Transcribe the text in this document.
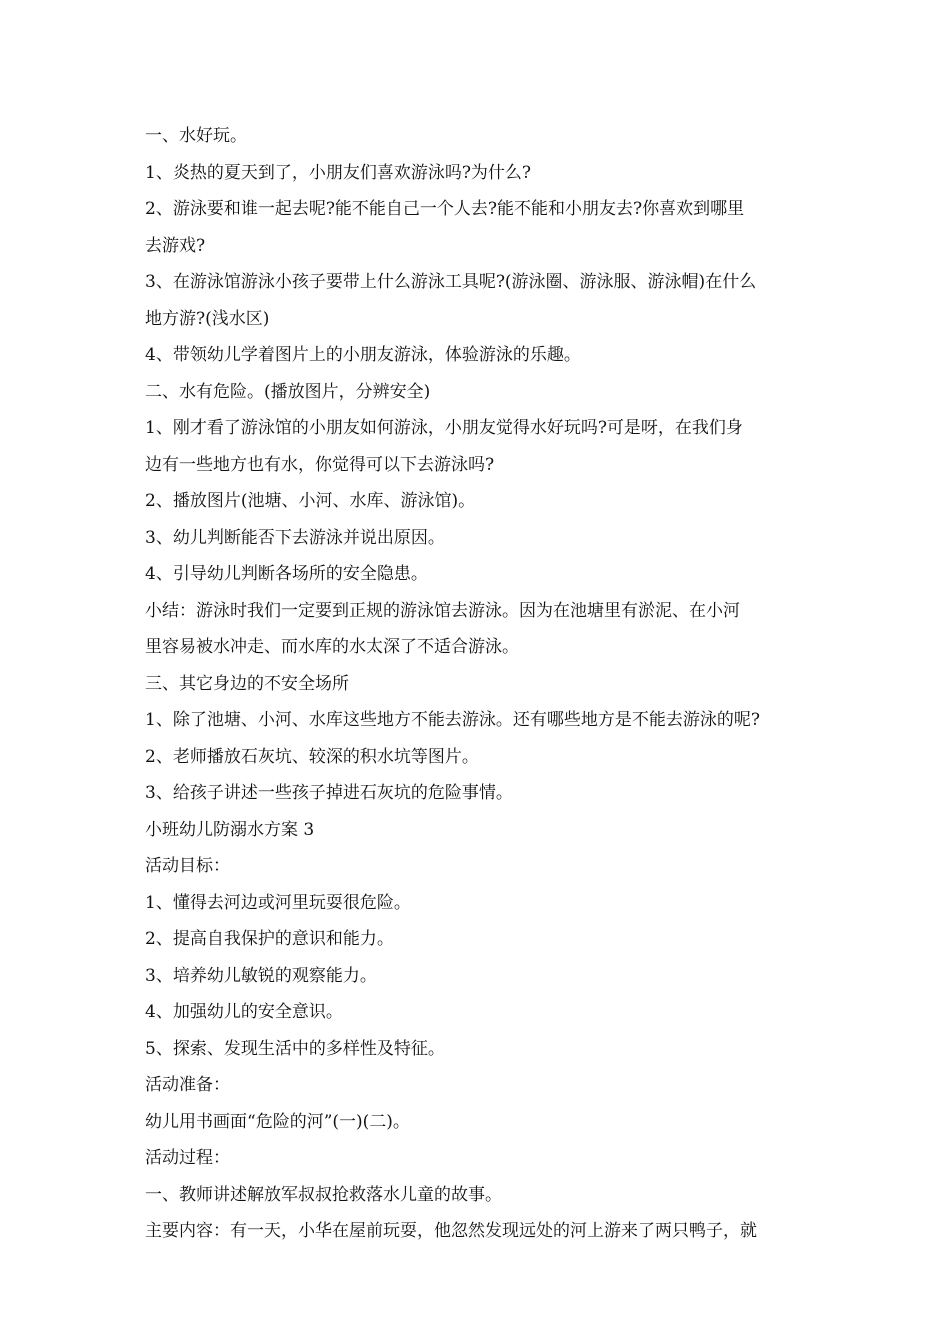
一、水好玩。

1、炎热的夏天到了，小朋友们喜欢游泳吗?为什么?

2、游泳要和谁一起去呢?能不能自己一个人去?能不能和小朋友去?你喜欢到哪里

去游戏?

3、在游泳馆游泳小孩子要带上什么游泳工具呢?(游泳圈、游泳服、游泳帽)在什么

地方游?(浅水区)

4、带领幼儿学着图片上的小朋友游泳，体验游泳的乐趣。

二、水有危险。(播放图片，分辨安全)

1、刚才看了游泳馆的小朋友如何游泳，小朋友觉得水好玩吗?可是呀，在我们身

边有一些地方也有水，你觉得可以下去游泳吗?

2、播放图片(池塘、小河、水库、游泳馆)。

3、幼儿判断能否下去游泳并说出原因。

4、引导幼儿判断各场所的安全隐患。

小结：游泳时我们一定要到正规的游泳馆去游泳。因为在池塘里有淤泥、在小河

里容易被水冲走、而水库的水太深了不适合游泳。

三、其它身边的不安全场所

1、除了池塘、小河、水库这些地方不能去游泳。还有哪些地方是不能去游泳的呢?

2、老师播放石灰坑、较深的积水坑等图片。

3、给孩子讲述一些孩子掉进石灰坑的危险事情。

小班幼儿防溺水方案 3

活动目标：

1、懂得去河边或河里玩耍很危险。

2、提高自我保护的意识和能力。

3、培养幼儿敏锐的观察能力。

4、加强幼儿的安全意识。

5、探索、发现生活中的多样性及特征。

活动准备：

幼儿用书画面“危险的河”(一)(二)。

活动过程：

一、教师讲述解放军叔叔抢救落水儿童的故事。

主要内容：有一天，小华在屋前玩耍，他忽然发现远处的河上游来了两只鸭子，就
